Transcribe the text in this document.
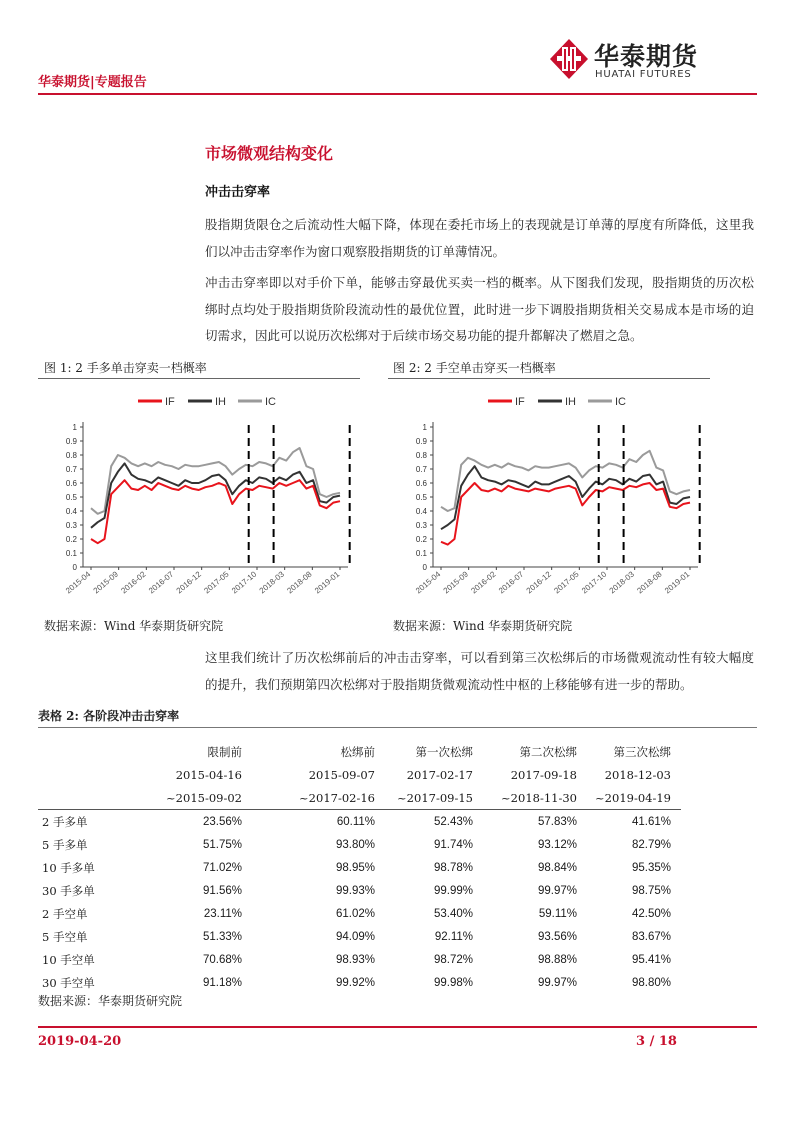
华泰期货|专题报告
华泰期货
HUATAI FUTURES
市场微观结构变化
冲击击穿率
股指期货限仓之后流动性大幅下降，体现在委托市场上的表现就是订单薄的厚度有所降低，这里我们以冲击击穿率作为窗口观察股指期货的订单薄情况。
冲击击穿率即以对手价下单，能够击穿最优买卖一档的概率。从下图我们发现，股指期货的历次松绑时点均处于股指期货阶段流动性的最优位置，此时进一步下调股指期货相关交易成本是市场的迫切需求，因此可以说历次松绑对于后续市场交易功能的提升都解决了燃眉之急。
图 1: 2 手多单击穿卖一档概率	图 2: 2 手空单击穿买一档概率
IF	IH	IC
0
0.1
0.2
0.3
0.4
0.5
0.6
0.7
0.8
0.9
1
2015-04 2015-09 2016-02 2016-07 2016-12 2017-05 2017-10 2018-03 2018-08 2019-01
IF	IH	IC
0
0.1
0.2
0.3
0.4
0.5
0.6
0.7
0.8
0.9
1
2015-04 2015-09 2016-02 2016-07 2016-12 2017-05 2017-10 2018-03 2018-08 2019-01
数据来源：Wind 华泰期货研究院	数据来源：Wind 华泰期货研究院
这里我们统计了历次松绑前后的冲击击穿率，可以看到第三次松绑后的市场微观流动性有较大幅度的提升，我们预期第四次松绑对于股指期货微观流动性中枢的上移能够有进一步的帮助。
表格 2: 各阶段冲击击穿率
	限制前	松绑前	第一次松绑	第二次松绑	第三次松绑
	2015-04-16	2015-09-07	2017-02-17	2017-09-18	2018-12-03
	~2015-09-02	~2017-02-16	~2017-09-15	~2018-11-30	~2019-04-19
2 手多单	23.56%	60.11%	52.43%	57.83%	41.61%
5 手多单	51.75%	93.80%	91.74%	93.12%	82.79%
10 手多单	71.02%	98.95%	98.78%	98.84%	95.35%
30 手多单	91.56%	99.93%	99.99%	99.97%	98.75%
2 手空单	23.11%	61.02%	53.40%	59.11%	42.50%
5 手空单	51.33%	94.09%	92.11%	93.56%	83.67%
10 手空单	70.68%	98.93%	98.72%	98.88%	95.41%
30 手空单	91.18%	99.92%	99.98%	99.97%	98.80%
数据来源：华泰期货研究院
2019-04-20	3 / 18
